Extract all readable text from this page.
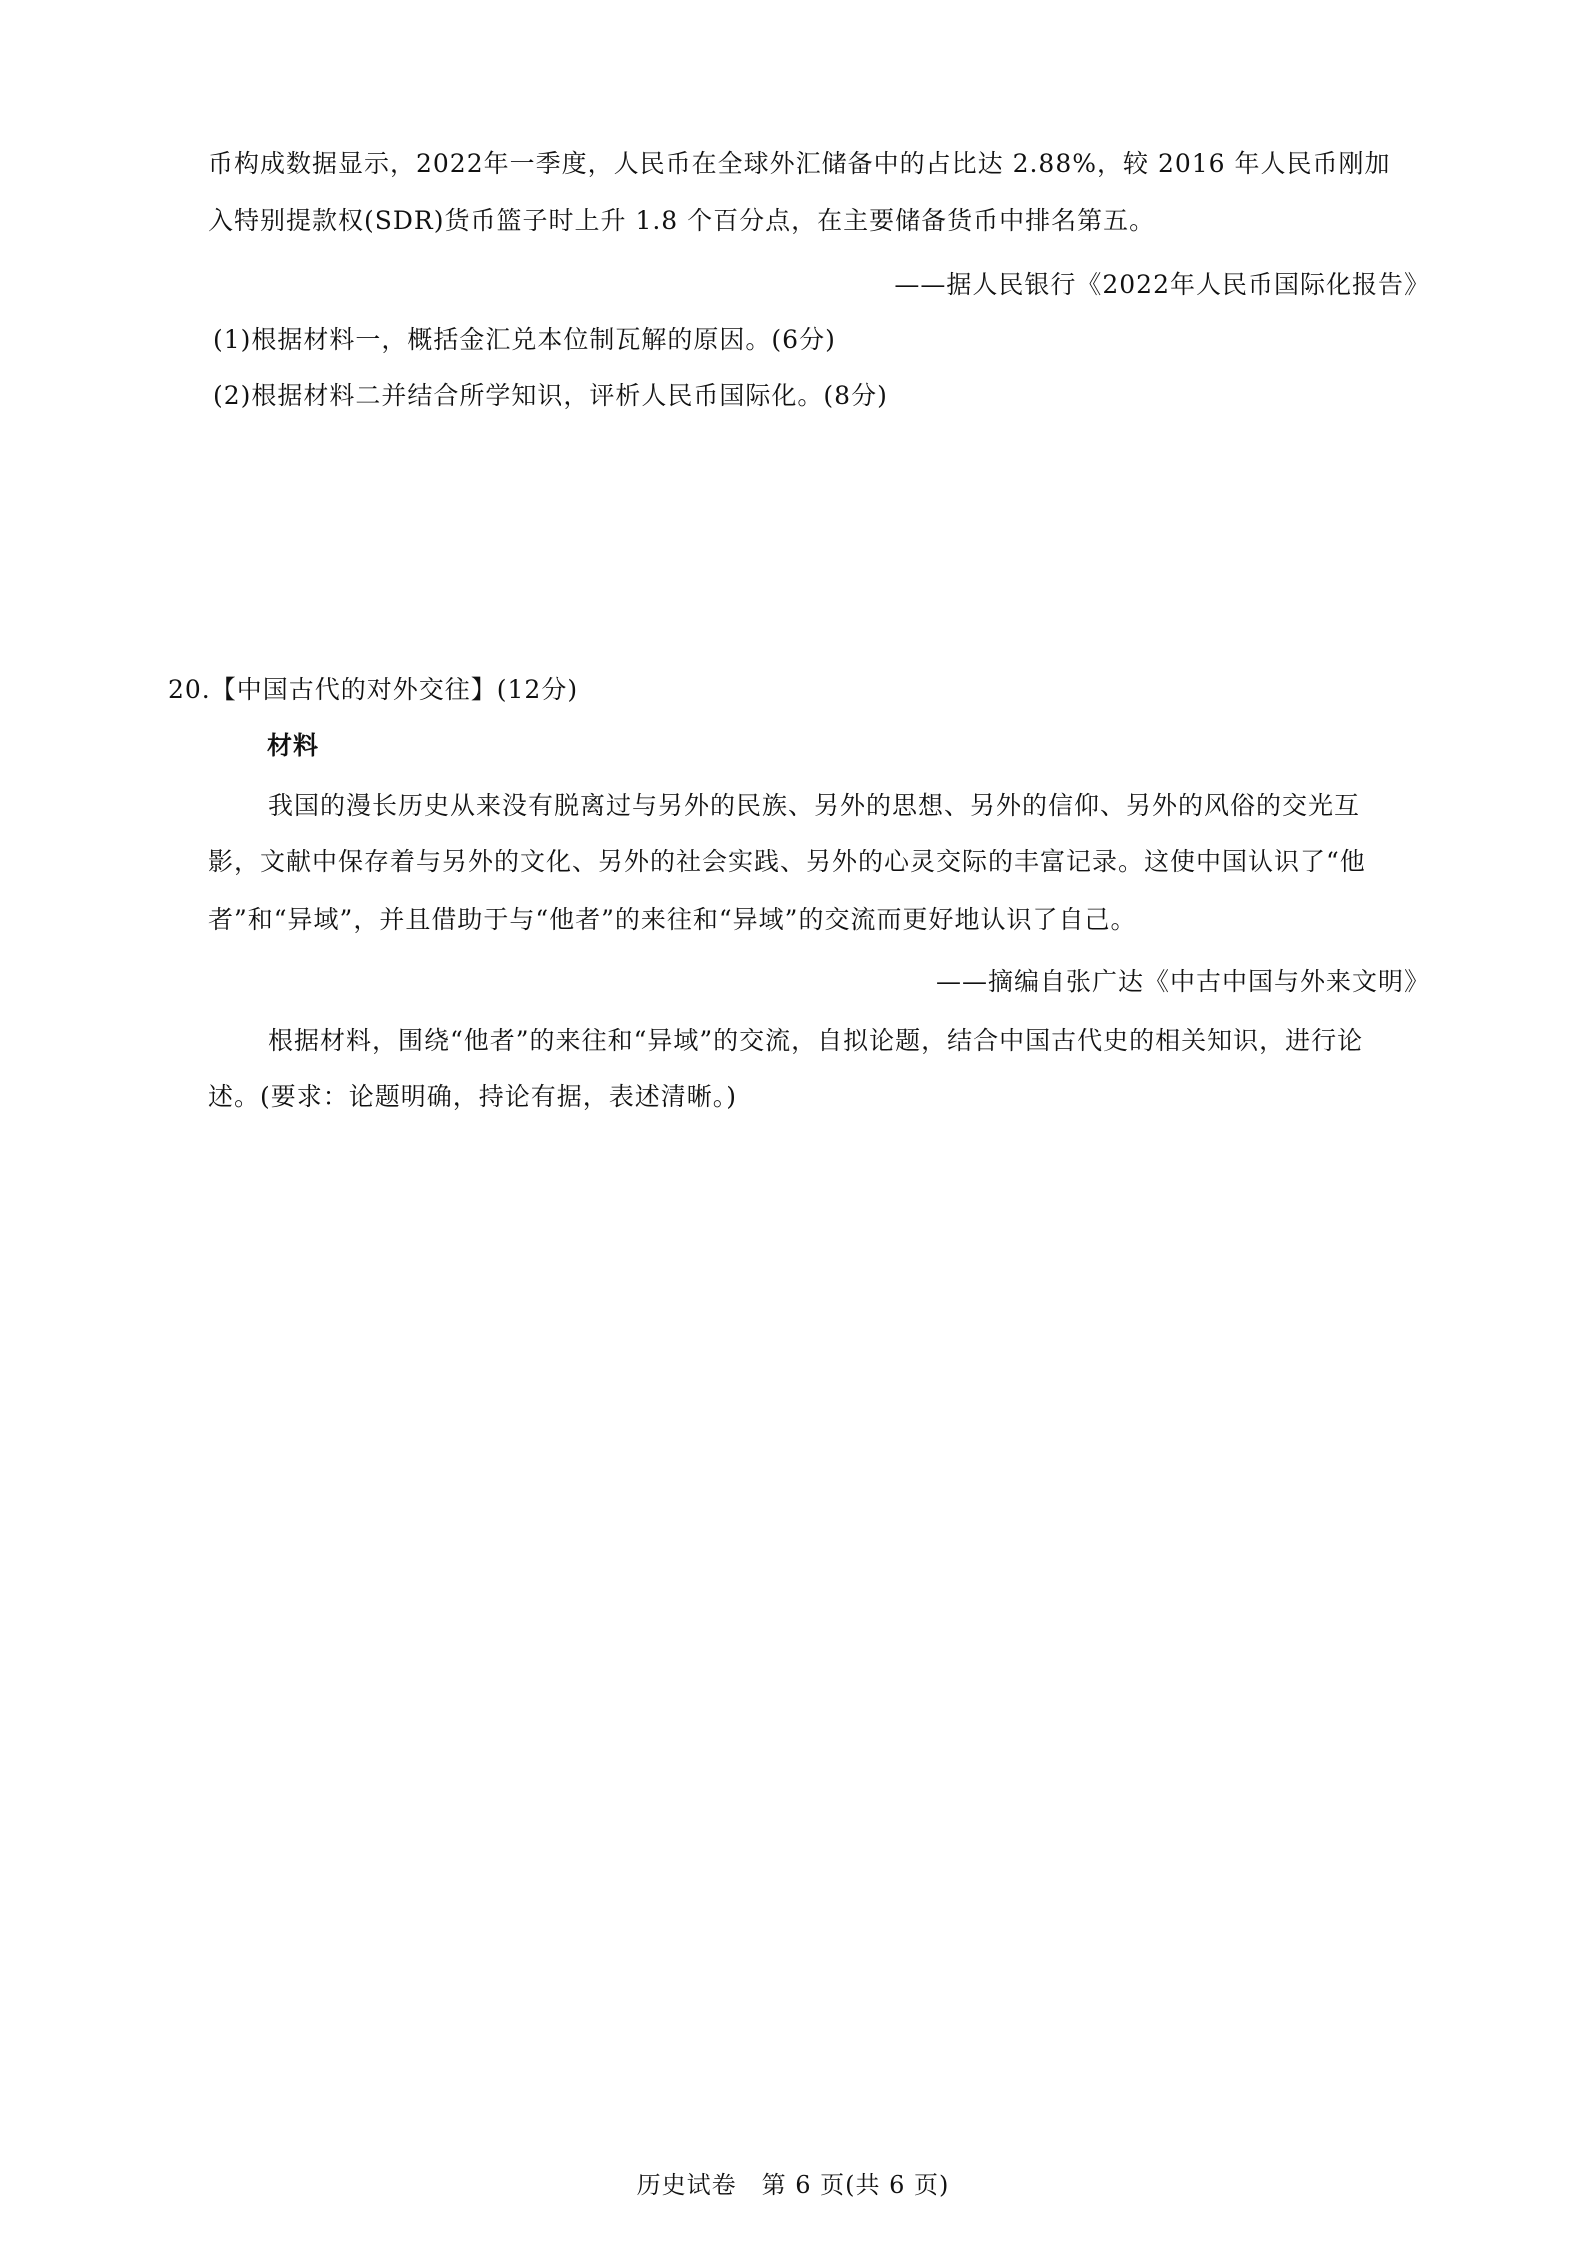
币构成数据显示，2022年一季度，人民币在全球外汇储备中的占比达 2.88%，较 2016 年人民币刚加
入特别提款权(SDR)货币篮子时上升 1.8 个百分点，在主要储备货币中排名第五。
——据人民银行《2022年人民币国际化报告》
(1)根据材料一，概括金汇兑本位制瓦解的原因。(6分)
(2)根据材料二并结合所学知识，评析人民币国际化。(8分)
20.【中国古代的对外交往】(12分)
材料
我国的漫长历史从来没有脱离过与另外的民族、另外的思想、另外的信仰、另外的风俗的交光互
影，文献中保存着与另外的文化、另外的社会实践、另外的心灵交际的丰富记录。这使中国认识了“他
者”和“异域”，并且借助于与“他者”的来往和“异域”的交流而更好地认识了自己。
——摘编自张广达《中古中国与外来文明》
根据材料，围绕“他者”的来往和“异域”的交流，自拟论题，结合中国古代史的相关知识，进行论
述。(要求：论题明确，持论有据，表述清晰。)
历史试卷　第 6 页(共 6 页)
